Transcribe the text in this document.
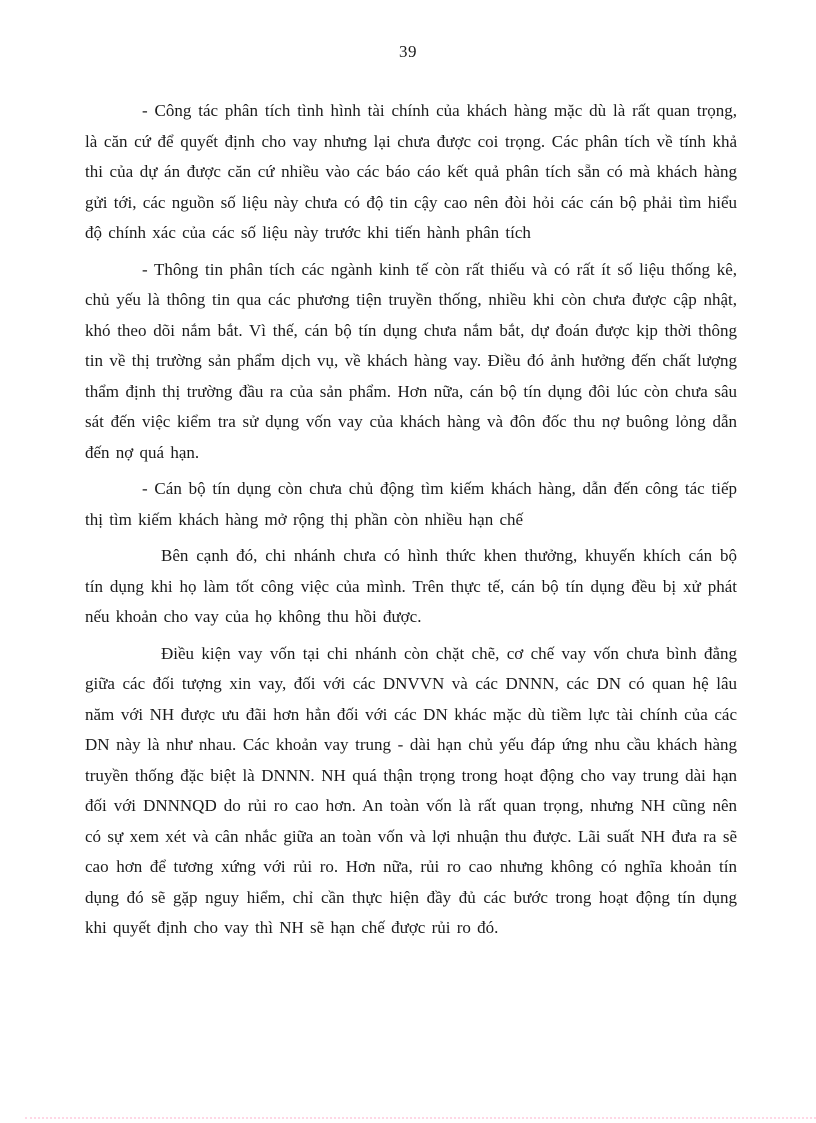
39

- Công tác phân tích tình hình tài chính của khách hàng mặc dù là rất quan trọng, là căn cứ để quyết định cho vay nhưng lại chưa được coi trọng. Các phân tích về tính khả thi của dự án được căn cứ nhiều vào các báo cáo kết quả phân tích sẵn có mà khách hàng gửi tới, các nguồn số liệu này chưa có độ tin cậy cao nên đòi hỏi các cán bộ phải tìm hiểu độ chính xác của các số liệu này trước khi tiến hành phân tích

- Thông tin phân tích các ngành kinh tế còn rất thiếu và có rất ít số liệu thống kê, chủ yếu là thông tin qua các phương tiện truyền thống, nhiều khi còn chưa được cập nhật, khó theo dõi nắm bắt. Vì thế, cán bộ tín dụng chưa nắm bắt, dự đoán được kịp thời thông tin về thị trường sản phẩm dịch vụ, về khách hàng vay. Điều đó ảnh hưởng đến chất lượng thẩm định thị trường đầu ra của sản phẩm. Hơn nữa, cán bộ tín dụng đôi lúc còn chưa sâu sát đến việc kiểm tra sử dụng vốn vay của khách hàng và đôn đốc thu nợ buông lỏng dẫn đến nợ quá hạn.

- Cán bộ tín dụng còn chưa chủ động tìm kiếm khách hàng, dẫn đến công tác tiếp thị tìm kiếm khách hàng mở rộng thị phần còn nhiều hạn chế

Bên cạnh đó, chi nhánh chưa có hình thức khen thưởng, khuyến khích cán bộ tín dụng khi họ làm tốt công việc của mình. Trên thực tế, cán bộ tín dụng đều bị xử phát nếu khoản cho vay của họ không thu hồi được.

Điều kiện vay vốn tại chi nhánh còn chặt chẽ, cơ chế vay vốn chưa bình đẳng giữa các đối tượng xin vay, đối với các DNVVN và các DNNN, các DN có quan hệ lâu năm với NH được ưu đãi hơn hẳn đối với các DN khác mặc dù tiềm lực tài chính của các DN này là như nhau. Các khoản vay trung - dài hạn chủ yếu đáp ứng nhu cầu khách hàng truyền thống đặc biệt là DNNN. NH quá thận trọng trong hoạt động cho vay trung dài hạn đối với DNNNQD do rủi ro cao hơn. An toàn vốn là rất quan trọng, nhưng NH cũng nên có sự xem xét và cân nhắc giữa an toàn vốn và lợi nhuận thu được. Lãi suất NH đưa ra sẽ cao hơn để tương xứng với rủi ro. Hơn nữa, rủi ro cao nhưng không có nghĩa khoản tín dụng đó sẽ gặp nguy hiểm, chỉ cần thực hiện đầy đủ các bước trong hoạt động tín dụng khi quyết định cho vay thì NH sẽ hạn chế được rủi ro đó.
